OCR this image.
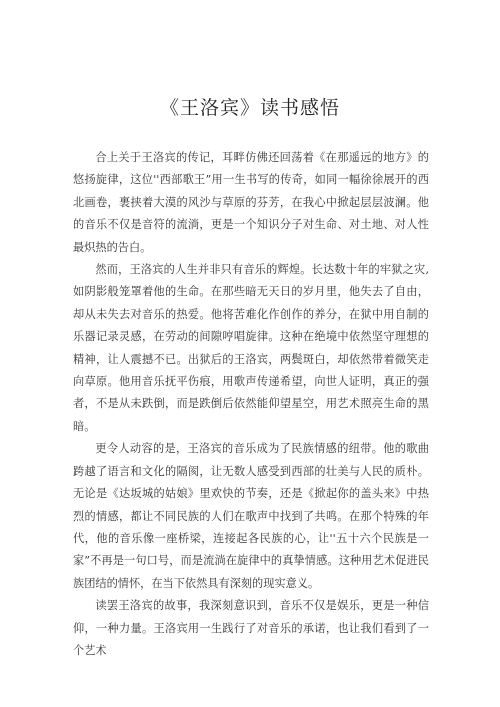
《王洛宾》读书感悟

合上关于王洛宾的传记，耳畔仿佛还回荡着《在那遥远的地方》的悠扬旋律，这位''西部歌王”用一生书写的传奇，如同一幅徐徐展开的西北画卷，裹挟着大漠的风沙与草原的芬芳，在我心中掀起层层波澜。他的音乐不仅是音符的流淌，更是一个知识分子对生命、对土地、对人性最炽热的告白。

然而，王洛宾的人生并非只有音乐的辉煌。长达数十年的牢狱之灾,如阴影般笼罩着他的生命。在那些暗无天日的岁月里，他失去了自由，却从未失去对音乐的热爱。他将苦难化作创作的养分，在狱中用自制的乐器记录灵感，在劳动的间隙哼唱旋律。这种在绝境中依然坚守理想的精神，让人震撼不已。出狱后的王洛宾，两鬓斑白，却依然带着微笑走向草原。他用音乐抚平伤痕，用歌声传递希望，向世人证明，真正的强者，不是从未跌倒，而是跌倒后依然能仰望星空，用艺术照亮生命的黑暗。

更令人动容的是，王洛宾的音乐成为了民族情感的纽带。他的歌曲跨越了语言和文化的隔阂，让无数人感受到西部的壮美与人民的质朴。无论是《达坂城的姑娘》里欢快的节奏，还是《掀起你的盖头来》中热烈的情感，都让不同民族的人们在歌声中找到了共鸣。在那个特殊的年代，他的音乐像一座桥梁，连接起各民族的心，让''五十六个民族是一家”不再是一句口号，而是流淌在旋律中的真挚情感。这种用艺术促进民族团结的情怀，在当下依然具有深刻的现实意义。

读罢王洛宾的故事，我深刻意识到，音乐不仅是娱乐，更是一种信仰，一种力量。王洛宾用一生践行了对音乐的承诺，也让我们看到了一个艺术
